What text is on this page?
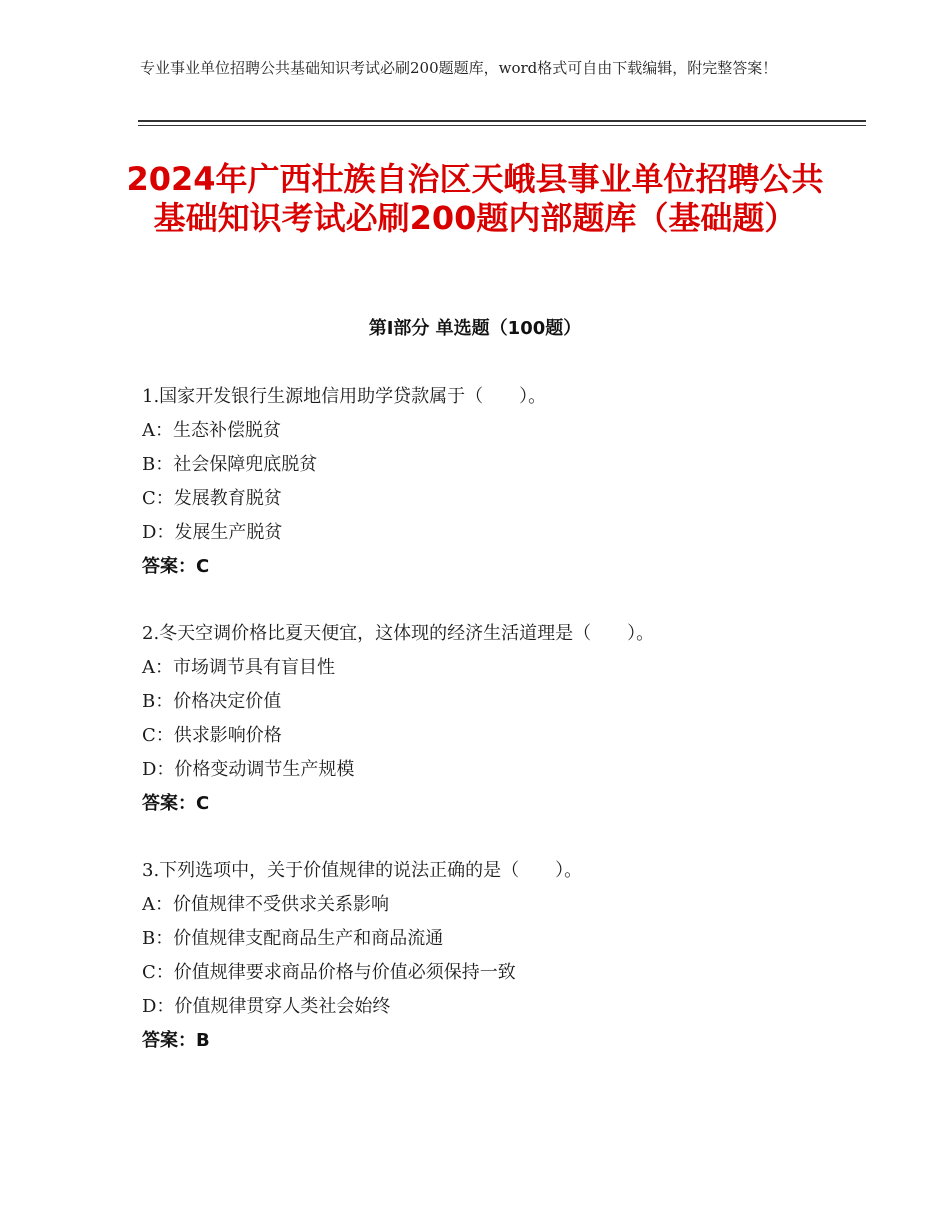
专业事业单位招聘公共基础知识考试必刷200题题库，word格式可自由下载编辑，附完整答案！
2024年广西壮族自治区天峨县事业单位招聘公共基础知识考试必刷200题内部题库（基础题）
第Ⅰ部分 单选题（100题）
1.国家开发银行生源地信用助学贷款属于（　　）。
A：生态补偿脱贫
B：社会保障兜底脱贫
C：发展教育脱贫
D：发展生产脱贫
答案：C
2.冬天空调价格比夏天便宜，这体现的经济生活道理是（　　）。
A：市场调节具有盲目性
B：价格决定价值
C：供求影响价格
D：价格变动调节生产规模
答案：C
3.下列选项中，关于价值规律的说法正确的是（　　）。
A：价值规律不受供求关系影响
B：价值规律支配商品生产和商品流通
C：价值规律要求商品价格与价值必须保持一致
D：价值规律贯穿人类社会始终
答案：B
